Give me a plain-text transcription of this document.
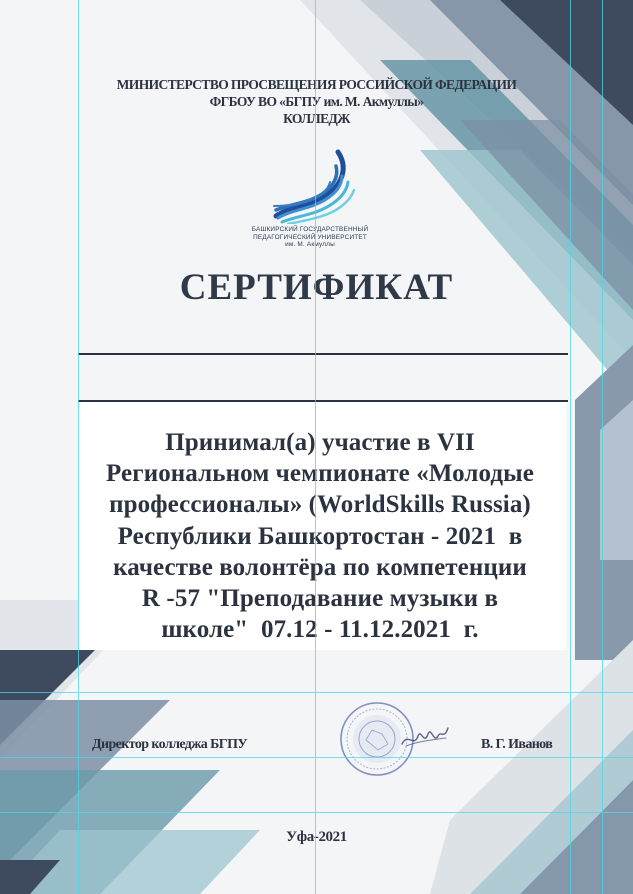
МИНИСТЕРСТВО ПРОСВЕЩЕНИЯ РОССИЙСКОЙ ФЕДЕРАЦИИ
ФГБОУ ВО «БГПУ им. М. Акмуллы»
КОЛЛЕДЖ
БАШКИРСКИЙ ГОСУДАРСТВЕННЫЙ
ПЕДАГОГИЧЕСКИЙ УНИВЕРСИТЕТ
им. М. Акмуллы
СЕРТИФИКАТ
Принимал(а) участие в VII
Региональном чемпионате «Молодые
профессионалы» (WorldSkills Russia)
Республики Башкортостан - 2021  в
качестве волонтёра по компетенции
R -57 "Преподавание музыки в
школе"  07.12 - 11.12.2021  г.
Директор колледжа БГПУ	В. Г. Иванов
Уфа-2021
